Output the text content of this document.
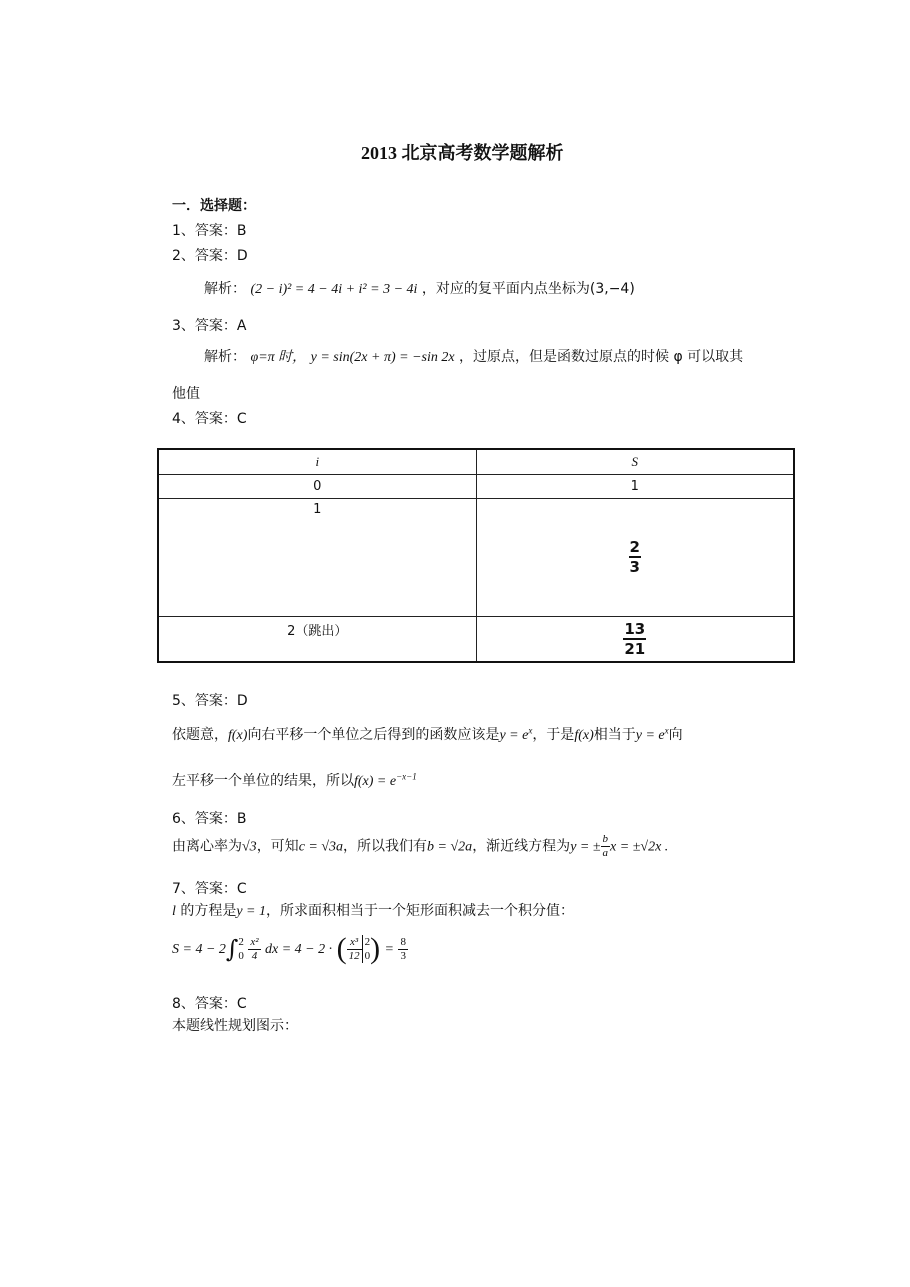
2013 北京高考数学题解析
一．选择题：
1、答案：B
2、答案：D
解析： (2 − i)² = 4 − 4i + i² = 3 − 4i ，对应的复平面内点坐标为(3,−4)
3、答案：A
解析： φ=π 时， y = sin(2x + π) = −sin 2x ，过原点，但是函数过原点的时候 φ 可以取其
他值
4、答案：C
i	S
0	1
1	$\frac{2}{3}$

2（跳出）	$\frac{13}{21}$
5、答案：D
依题意，f(x)向右平移一个单位之后得到的函数应该是$y = e^x$，于是f(x)相当于$y = e^x$向
左平移一个单位的结果，所以$f(x) = e^{-x-1}$
6、答案：B
由离心率为√3，可知c = √3a，所以我们有b = √2a，渐近线方程为y = ± $\frac{b}{a}$ x = ±√2x .
7、答案：C
l 的方程是y = 1，所求面积相当于一个矩形面积减去一个积分值：
S = 4 − 2∫ 2
0
$\frac{\text{x²}}{4}$ dx = 4 − 2 · ( $\frac{\text{x³}}{12} 2$
0 ) = $\frac{8}{3}$
8、答案：C
本题线性规划图示：
